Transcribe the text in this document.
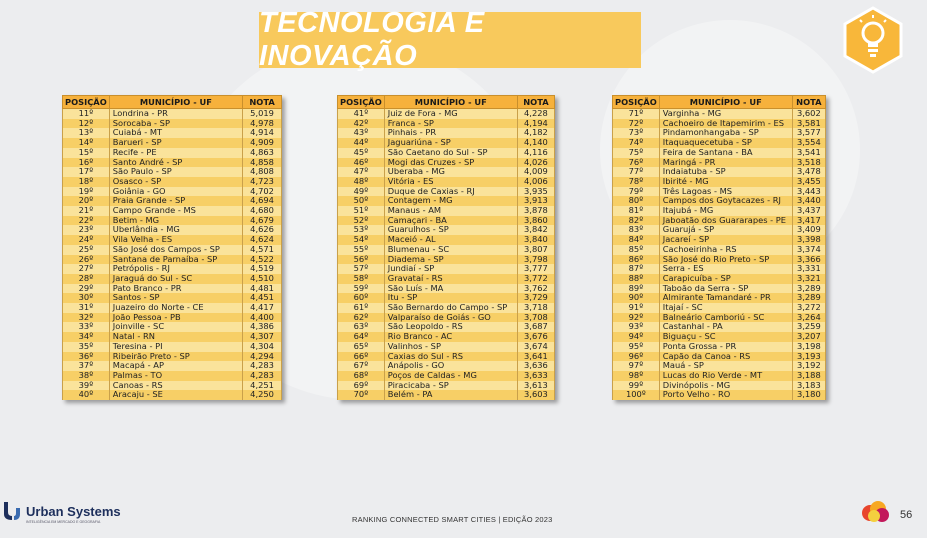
TECNOLOGIA E INOVAÇÃO
POSIÇÃO	MUNICÍPIO - UF	NOTA
11º	Londrina - PR	5,019
12º	Sorocaba - SP	4,978
13º	Cuiabá - MT	4,914
14º	Barueri - SP	4,909
15º	Recife - PE	4,863
16º	Santo André - SP	4,858
17º	São Paulo - SP	4,808
18º	Osasco - SP	4,723
19º	Goiânia - GO	4,702
20º	Praia Grande - SP	4,694
21º	Campo Grande - MS	4,680
22º	Betim - MG	4,679
23º	Uberlândia - MG	4,626
24º	Vila Velha - ES	4,624
25º	São José dos Campos - SP	4,571
26º	Santana de Parnaíba - SP	4,522
27º	Petrópolis - RJ	4,519
28º	Jaraguá do Sul - SC	4,510
29º	Pato Branco - PR	4,481
30º	Santos - SP	4,451
31º	Juazeiro do Norte - CE	4,417
32º	João Pessoa - PB	4,400
33º	Joinville - SC	4,386
34º	Natal - RN	4,307
35º	Teresina - PI	4,304
36º	Ribeirão Preto - SP	4,294
37º	Macapá - AP	4,283
38º	Palmas - TO	4,283
39º	Canoas - RS	4,251
40º	Aracaju - SE	4,250
POSIÇÃO	MUNICÍPIO - UF	NOTA
41º	Juiz de Fora - MG	4,228
42º	Franca - SP	4,194
43º	Pinhais - PR	4,182
44º	Jaguariúna - SP	4,140
45º	São Caetano do Sul - SP	4,116
46º	Mogi das Cruzes - SP	4,026
47º	Uberaba - MG	4,009
48º	Vitória - ES	4,006
49º	Duque de Caxias - RJ	3,935
50º	Contagem - MG	3,913
51º	Manaus - AM	3,878
52º	Camaçari - BA	3,860
53º	Guarulhos - SP	3,842
54º	Maceió - AL	3,840
55º	Blumenau - SC	3,807
56º	Diadema - SP	3,798
57º	Jundiaí - SP	3,777
58º	Gravataí - RS	3,772
59º	São Luís - MA	3,762
60º	Itu - SP	3,729
61º	São Bernardo do Campo - SP	3,718
62º	Valparaíso de Goiás - GO	3,708
63º	São Leopoldo - RS	3,687
64º	Rio Branco - AC	3,676
65º	Valinhos - SP	3,674
66º	Caxias do Sul - RS	3,641
67º	Anápolis - GO	3,636
68º	Poços de Caldas - MG	3,633
69º	Piracicaba - SP	3,613
70º	Belém - PA	3,603
POSIÇÃO	MUNICÍPIO - UF	NOTA
71º	Varginha - MG	3,602
72º	Cachoeiro de Itapemirim - ES	3,581
73º	Pindamonhangaba - SP	3,577
74º	Itaquaquecetuba - SP	3,554
75º	Feira de Santana - BA	3,541
76º	Maringá - PR	3,518
77º	Indaiatuba - SP	3,478
78º	Ibirité - MG	3,455
79º	Três Lagoas - MS	3,443
80º	Campos dos Goytacazes - RJ	3,440
81º	Itajubá - MG	3,437
82º	Jaboatão dos Guararapes - PE	3,417
83º	Guarujá - SP	3,409
84º	Jacareí - SP	3,398
85º	Cachoeirinha - RS	3,374
86º	São José do Rio Preto - SP	3,366
87º	Serra - ES	3,331
88º	Carapicuíba - SP	3,321
89º	Taboão da Serra - SP	3,289
90º	Almirante Tamandaré - PR	3,289
91º	Itajaí - SC	3,272
92º	Balneário Camboriú - SC	3,264
93º	Castanhal - PA	3,259
94º	Biguaçu - SC	3,207
95º	Ponta Grossa - PR	3,198
96º	Capão da Canoa - RS	3,193
97º	Mauá - SP	3,192
98º	Lucas do Rio Verde - MT	3,188
99º	Divinópolis - MG	3,183
100º	Porto Velho - RO	3,180
Urban Systems
INTELIGÊNCIA EM MERCADO E GEOGRAFIA	RANKING CONNECTED SMART CITIES | EDIÇÃO 2023	56
